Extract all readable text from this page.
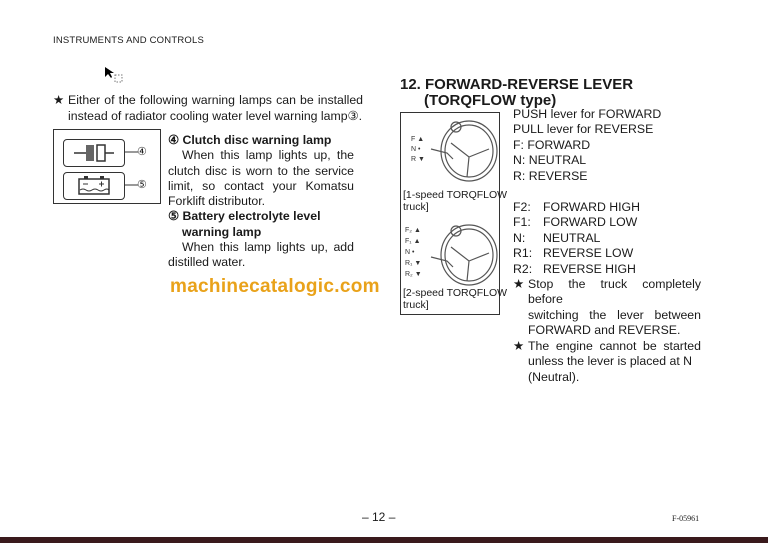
INSTRUMENTS AND CONTROLS
★ Either of the following warning lamps can be installed
instead of radiator cooling water level warning lamp③.
④
⑤
④ Clutch disc warning lamp
When this lamp lights up, the
clutch disc is worn to the service
limit, so contact your Komatsu
Forklift distributor.
⑤ Battery electrolyte level
warning lamp
When this lamp lights up, add
distilled water.
12. FORWARD-REVERSE LEVER
(TORQFLOW type)
F ▲
N •
R ▼
[1-speed TORQFLOW
truck]
F₂ ▲
F₁ ▲
N •
R₁ ▼
R₂ ▼
[2-speed TORQFLOW
truck]
PUSH lever for FORWARD
PULL lever for REVERSE
F: FORWARD
N: NEUTRAL
R: REVERSE
F2: FORWARD HIGH
F1: FORWARD LOW
N: NEUTRAL
R1: REVERSE LOW
R2: REVERSE HIGH
★ Stop the truck completely before
switching the lever between
FORWARD and REVERSE.
★ The engine cannot be started
unless the lever is placed at N
(Neutral).
machinecatalogic.com
– 12 –	F-05961
